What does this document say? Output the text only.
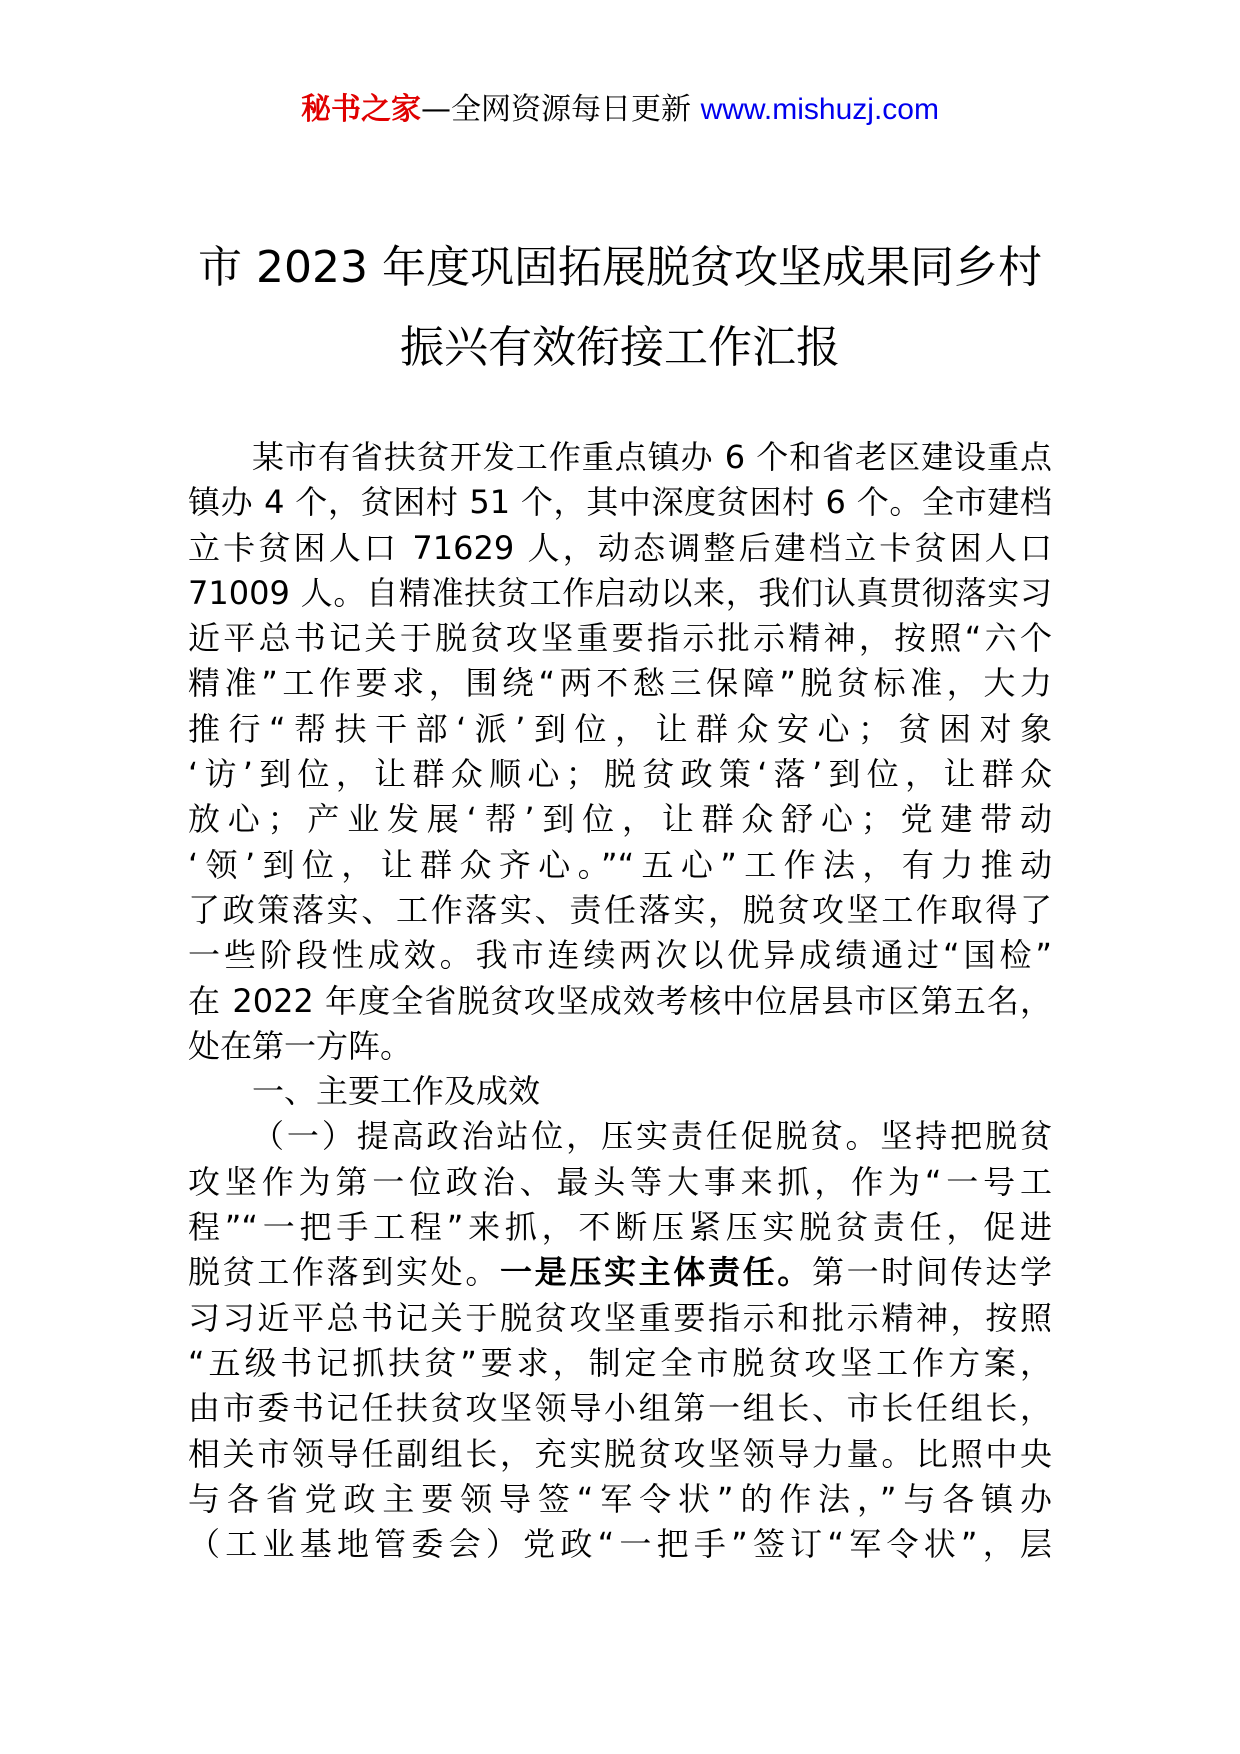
秘书之家—全网资源每日更新 www.mishuzj.com
市 2023 年度巩固拓展脱贫攻坚成果同乡村
振兴有效衔接工作汇报

某市有省扶贫开发工作重点镇办 6 个和省老区建设重点
镇办 4 个，贫困村 51 个，其中深度贫困村 6 个。全市建档
立卡贫困人口 71629 人，动态调整后建档立卡贫困人口
71009 人。自精准扶贫工作启动以来，我们认真贯彻落实习
近平总书记关于脱贫攻坚重要指示批示精神，按照“六个
精准”工作要求，围绕“两不愁三保障”脱贫标准，大力
推行“帮扶干部‘派’到位，让群众安心；贫困对象
‘访’到位，让群众顺心；脱贫政策‘落’到位，让群众
放心；产业发展‘帮’到位，让群众舒心；党建带动
‘领’到位，让群众齐心。”“五心”工作法，有力推动
了政策落实、工作落实、责任落实，脱贫攻坚工作取得了
一些阶段性成效。我市连续两次以优异成绩通过“国检”
在 2022 年度全省脱贫攻坚成效考核中位居县市区第五名，
处在第一方阵。

一、主要工作及成效

（一）提高政治站位，压实责任促脱贫。坚持把脱贫
攻坚作为第一位政治、最头等大事来抓，作为“一号工
程”“一把手工程”来抓，不断压紧压实脱贫责任，促进
脱贫工作落到实处。一是压实主体责任。第一时间传达学
习习近平总书记关于脱贫攻坚重要指示和批示精神，按照
“五级书记抓扶贫”要求，制定全市脱贫攻坚工作方案，
由市委书记任扶贫攻坚领导小组第一组长、市长任组长，
相关市领导任副组长，充实脱贫攻坚领导力量。比照中央
与各省党政主要领导签“军令状”的作法，”与各镇办
（工业基地管委会）党政“一把手”签订“军令状”，层
